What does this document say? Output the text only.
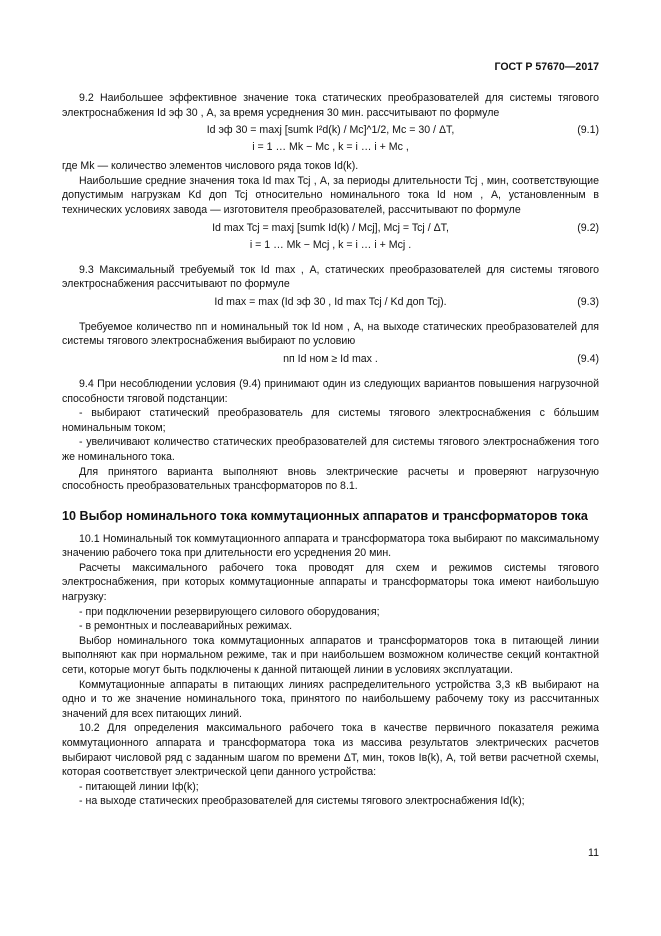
ГОСТ Р 57670—2017

9.2 Наибольшее эффективное значение тока статических преобразователей для системы тягового электроснабжения Id эф 30 , А, за время усреднения 30 мин. рассчитывают по формуле

Id эф 30 = maxj [sumk I²d(k) / Mc]^1/2, Mc = 30 / ΔT,	(9.1)
i = 1 … Mk − Mc , k = i … i + Mc ,

где Mk — количество элементов числового ряда токов Id(k).

Наибольшие средние значения тока Id max Tcj , А, за периоды длительности Tcj , мин, соответствующие допустимым нагрузкам Kd доп Tcj относительно номинального тока Id ном , А, установленным в технических условиях завода — изготовителя преобразователей, рассчитывают по формуле

Id max Tcj = maxj [sumk Id(k) / Mcj], Mcj = Tcj / ΔT,	(9.2)
i = 1 … Mk − Mcj , k = i … i + Mcj .

9.3 Максимальный требуемый ток Id max , А, статических преобразователей для системы тягового электроснабжения рассчитывают по формуле

Id max = max (Id эф 30 , Id max Tcj / Kd доп Tcj).	(9.3)

Требуемое количество nп и номинальный ток Id ном , А, на выходе статических преобразователей для системы тягового электроснабжения выбирают по условию

nп Id ном ≥ Id max .	(9.4)

9.4 При несоблюдении условия (9.4) принимают один из следующих вариантов повышения нагрузочной способности тяговой подстанции:

- выбирают статический преобразователь для системы тягового электроснабжения с бо́льшим номинальным током;

- увеличивают количество статических преобразователей для системы тягового электроснабжения того же номинального тока.

Для принятого варианта выполняют вновь электрические расчеты и проверяют нагрузочную способность преобразовательных трансформаторов по 8.1.

10 Выбор номинального тока коммутационных аппаратов и трансформаторов тока

10.1 Номинальный ток коммутационного аппарата и трансформатора тока выбирают по максимальному значению рабочего тока при длительности его усреднения 20 мин.

Расчеты максимального рабочего тока проводят для схем и режимов системы тягового электроснабжения, при которых коммутационные аппараты и трансформаторы тока имеют наибольшую нагрузку:

- при подключении резервирующего силового оборудования;

- в ремонтных и послеаварийных режимах.

Выбор номинального тока коммутационных аппаратов и трансформаторов тока в питающей линии выполняют как при нормальном режиме, так и при наибольшем возможном количестве секций контактной сети, которые могут быть подключены к данной питающей линии в условиях эксплуатации.

Коммутационные аппараты в питающих линиях распределительного устройства 3,3 кВ выбирают на одно и то же значение номинального тока, принятого по наибольшему рабочему току из рассчитанных значений для всех питающих линий.

10.2 Для определения максимального рабочего тока в качестве первичного показателя режима коммутационного аппарата и трансформатора тока из массива результатов электрических расчетов выбирают числовой ряд с заданным шагом по времени ΔT, мин, токов Iв(k), А, той ветви расчетной схемы, которая соответствует электрической цепи данного устройства:

- питающей линии Iф(k);

- на выходе статических преобразователей для системы тягового электроснабжения Id(k);

11
